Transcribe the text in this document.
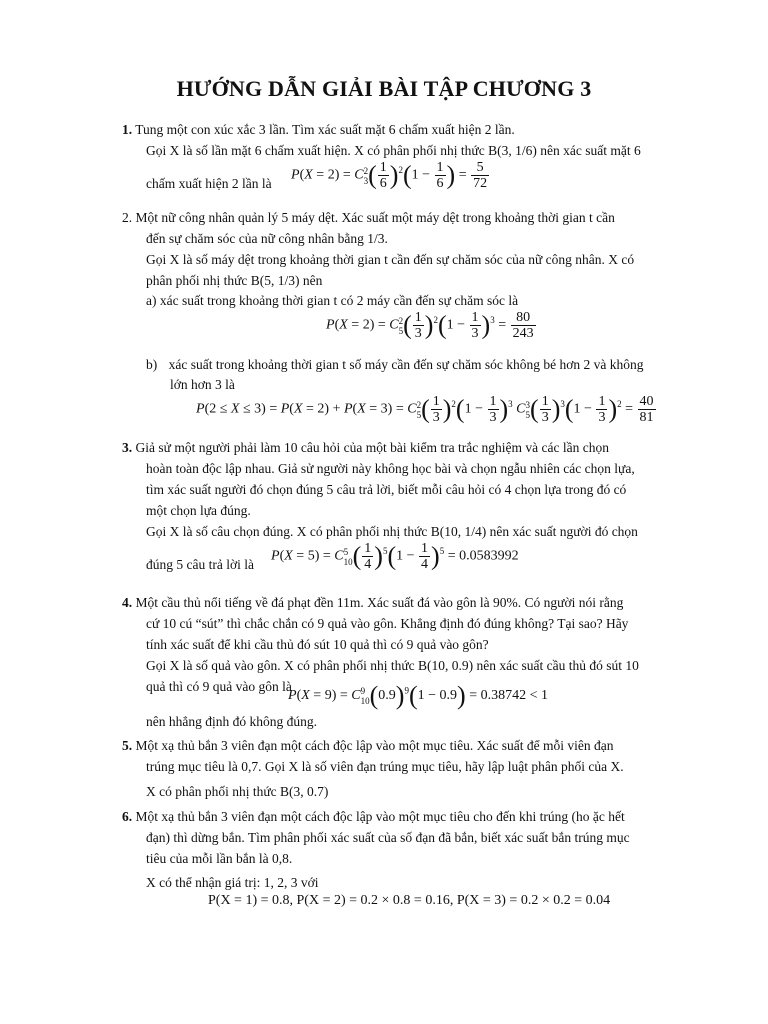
HƯỚNG DẪN GIẢI BÀI TẬP CHƯƠNG 3
1. Tung một con xúc xắc 3 lần. Tìm xác suất mặt 6 chấm xuất hiện 2 lần.
Gọi X là số lần mặt 6 chấm xuất hiện. X có phân phối nhị thức B(3, 1/6) nên xác suất mặt 6
chấm xuất hiện 2 lần là
P(X = 2) = C 2
3 ( $\frac{1}{6} )^2(1 - \frac{1}{6}$ ) = $\frac{5}{72}$
2. Một nữ công nhân quản lý 5 máy dệt. Xác suất một máy dệt trong khoảng thời gian t cần
đến sự chăm sóc của nữ công nhân bằng 1/3.
Gọi X là số máy dệt trong khoảng thời gian t cần đến sự chăm sóc của nữ công nhân. X có
phân phối nhị thức B(5, 1/3) nên
a) xác suất trong khoảng thời gian t có 2 máy cần đến sự chăm sóc là
P(X = 2) = C 2
5 ( $\frac{1}{3} )^2(1 - \frac{1}{3} )^3 = \frac{80}{243}$
b) xác suất trong khoảng thời gian t số máy cần đến sự chăm sóc không bé hơn 2 và không
lớn hơn 3 là
P(2 ≤ X ≤ 3) = P(X = 2) + P(X = 3) = C 2
5 ( $\frac{1}{3} )^2(1 - \frac{1}{3} )^3$ C 3
5 ( $\frac{1}{3} )^3(1 - \frac{1}{3} )^2 = \frac{40}{81}$
3. Giả sử một người phải làm 10 câu hỏi của một bài kiểm tra trắc nghiệm và các lần chọn
hoàn toàn độc lập nhau. Giả sử người này không học bài và chọn ngẫu nhiên các chọn lựa,
tìm xác suất người đó chọn đúng 5 câu trả lời, biết mỗi câu hỏi có 4 chọn lựa trong đó có
một chọn lựa đúng.
Gọi X là số câu chọn đúng. X có phân phối nhị thức B(10, 1/4) nên xác suất người đó chọn
đúng 5 câu trả lời là
P(X = 5) = C 5
10 ( $\frac{1}{4} )^5(1 - \frac{1}{4} )^5 = 0.0583992$
4. Một cầu thủ nổi tiếng về đá phạt đền 11m. Xác suất đá vào gôn là 90%. Có người nói rằng
cứ 10 cú “sút” thì chắc chắn có 9 quả vào gôn. Khẳng định đó đúng không? Tại sao? Hãy
tính xác suất để khi cầu thủ đó sút 10 quả thì có 9 quả vào gôn?
Gọi X là số quả vào gôn. X có phân phối nhị thức B(10, 0.9) nên xác suất cầu thủ đó sút 10
quả thì có 9 quả vào gôn là
P(X = 9) = C 9
10 $(0.9)^9(1 - 0.9) = 0.38742 < 1$
nên hhẳng định đó không đúng.
5. Một xạ thủ bắn 3 viên đạn một cách độc lập vào một mục tiêu. Xác suất để mỗi viên đạn
trúng mục tiêu là 0,7. Gọi X là số viên đạn trúng mục tiêu, hãy lập luật phân phối của X.
X có phân phối nhị thức B(3, 0.7)
6. Một xạ thủ bắn 3 viên đạn một cách độc lập vào một mục tiêu cho đến khi trúng (ho ặc hết
đạn) thì dừng bắn. Tìm phân phối xác suất của số đạn đã bắn, biết xác suất bắn trúng mục
tiêu của mỗi lần bắn là 0,8.
X có thể nhận giá trị: 1, 2, 3 với
P(X = 1) = 0.8, P(X = 2) = 0.2 × 0.8 = 0.16, P(X = 3) = 0.2 × 0.2 = 0.04
